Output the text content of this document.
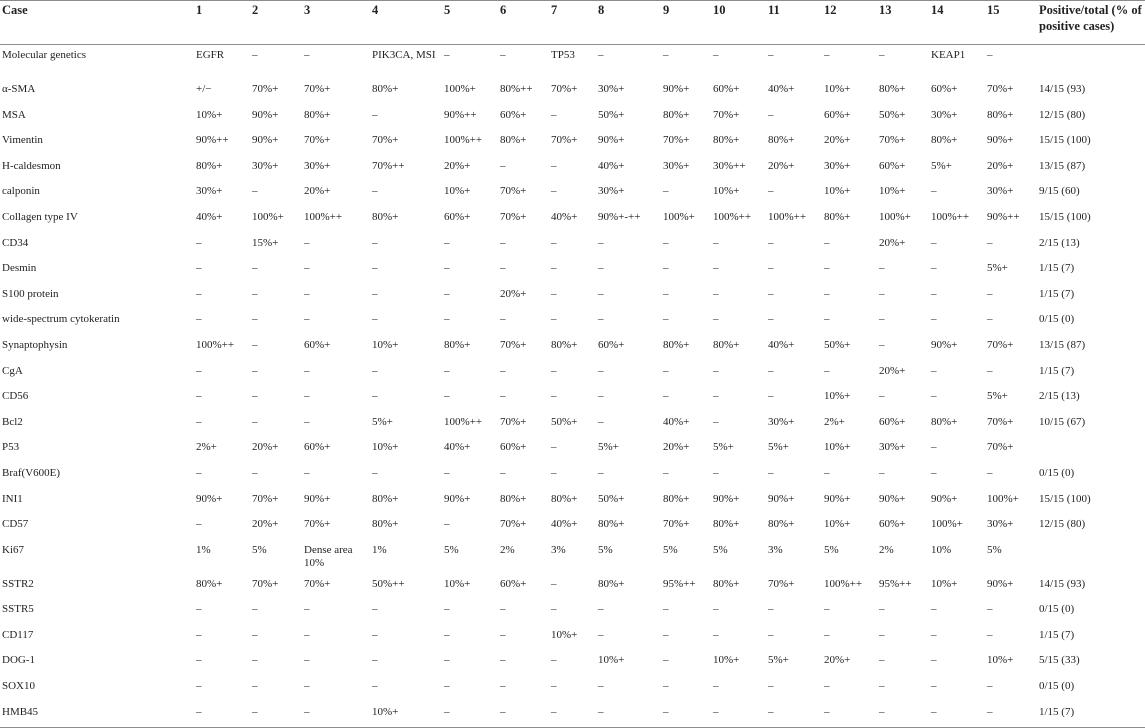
Case	1	2	3	4	5	6	7	8	9	10	11	12	13	14	15	Positive/total (% of positive cases)
Molecular genetics	EGFR	–	–	PIK3CA, MSI	–	–	TP53	–	–	–	–	–	–	KEAP1	–	
α-SMA	+/−	70%+	70%+	80%+	100%+	80%++	70%+	30%+	90%+	60%+	40%+	10%+	80%+	60%+	70%+	14/15 (93)
MSA	10%+	90%+	80%+	–	90%++	60%+	–	50%+	80%+	70%+	–	60%+	50%+	30%+	80%+	12/15 (80)
Vimentin	90%++	90%+	70%+	70%+	100%++	80%+	70%+	90%+	70%+	80%+	80%+	20%+	70%+	80%+	90%+	15/15 (100)
H-caldesmon	80%+	30%+	30%+	70%++	20%+	–	–	40%+	30%+	30%++	20%+	30%+	60%+	5%+	20%+	13/15 (87)
calponin	30%+	–	20%+	–	10%+	70%+	–	30%+	–	10%+	–	10%+	10%+	–	30%+	9/15 (60)
Collagen type IV	40%+	100%+	100%++	80%+	60%+	70%+	40%+	90%+-++	100%+	100%++	100%++	80%+	100%+	100%++	90%++	15/15 (100)
CD34	–	15%+	–	–	–	–	–	–	–	–	–	–	20%+	–	–	2/15 (13)
Desmin	–	–	–	–	–	–	–	–	–	–	–	–	–	–	5%+	1/15 (7)
S100 protein	–	–	–	–	–	20%+	–	–	–	–	–	–	–	–	–	1/15 (7)
wide-spectrum cytokeratin	–	–	–	–	–	–	–	–	–	–	–	–	–	–	–	0/15 (0)
Synaptophysin	100%++	–	60%+	10%+	80%+	70%+	80%+	60%+	80%+	80%+	40%+	50%+	–	90%+	70%+	13/15 (87)
CgA	–	–	–	–	–	–	–	–	–	–	–	–	20%+	–	–	1/15 (7)
CD56	–	–	–	–	–	–	–	–	–	–	–	10%+	–	–	5%+	2/15 (13)
Bcl2	–	–	–	5%+	100%++	70%+	50%+	–	40%+	–	30%+	2%+	60%+	80%+	70%+	10/15 (67)
P53	2%+	20%+	60%+	10%+	40%+	60%+	–	5%+	20%+	5%+	5%+	10%+	30%+	–	70%+	
Braf(V600E)	–	–	–	–	–	–	–	–	–	–	–	–	–	–	–	0/15 (0)
INI1	90%+	70%+	90%+	80%+	90%+	80%+	80%+	50%+	80%+	90%+	90%+	90%+	90%+	90%+	100%+	15/15 (100)
CD57	–	20%+	70%+	80%+	–	70%+	40%+	80%+	70%+	80%+	80%+	10%+	60%+	100%+	30%+	12/15 (80)
Ki67	1%	5%	Dense area 10%	1%	5%	2%	3%	5%	5%	5%	3%	5%	2%	10%	5%	
SSTR2	80%+	70%+	70%+	50%++	10%+	60%+	–	80%+	95%++	80%+	70%+	100%++	95%++	10%+	90%+	14/15 (93)
SSTR5	–	–	–	–	–	–	–	–	–	–	–	–	–	–	–	0/15 (0)
CD117	–	–	–	–	–	–	10%+	–	–	–	–	–	–	–	–	1/15 (7)
DOG-1	–	–	–	–	–	–	–	10%+	–	10%+	5%+	20%+	–	–	10%+	5/15 (33)
SOX10	–	–	–	–	–	–	–	–	–	–	–	–	–	–	–	0/15 (0)
HMB45	–	–	–	10%+	–	–	–	–	–	–	–	–	–	–	–	1/15 (7)
